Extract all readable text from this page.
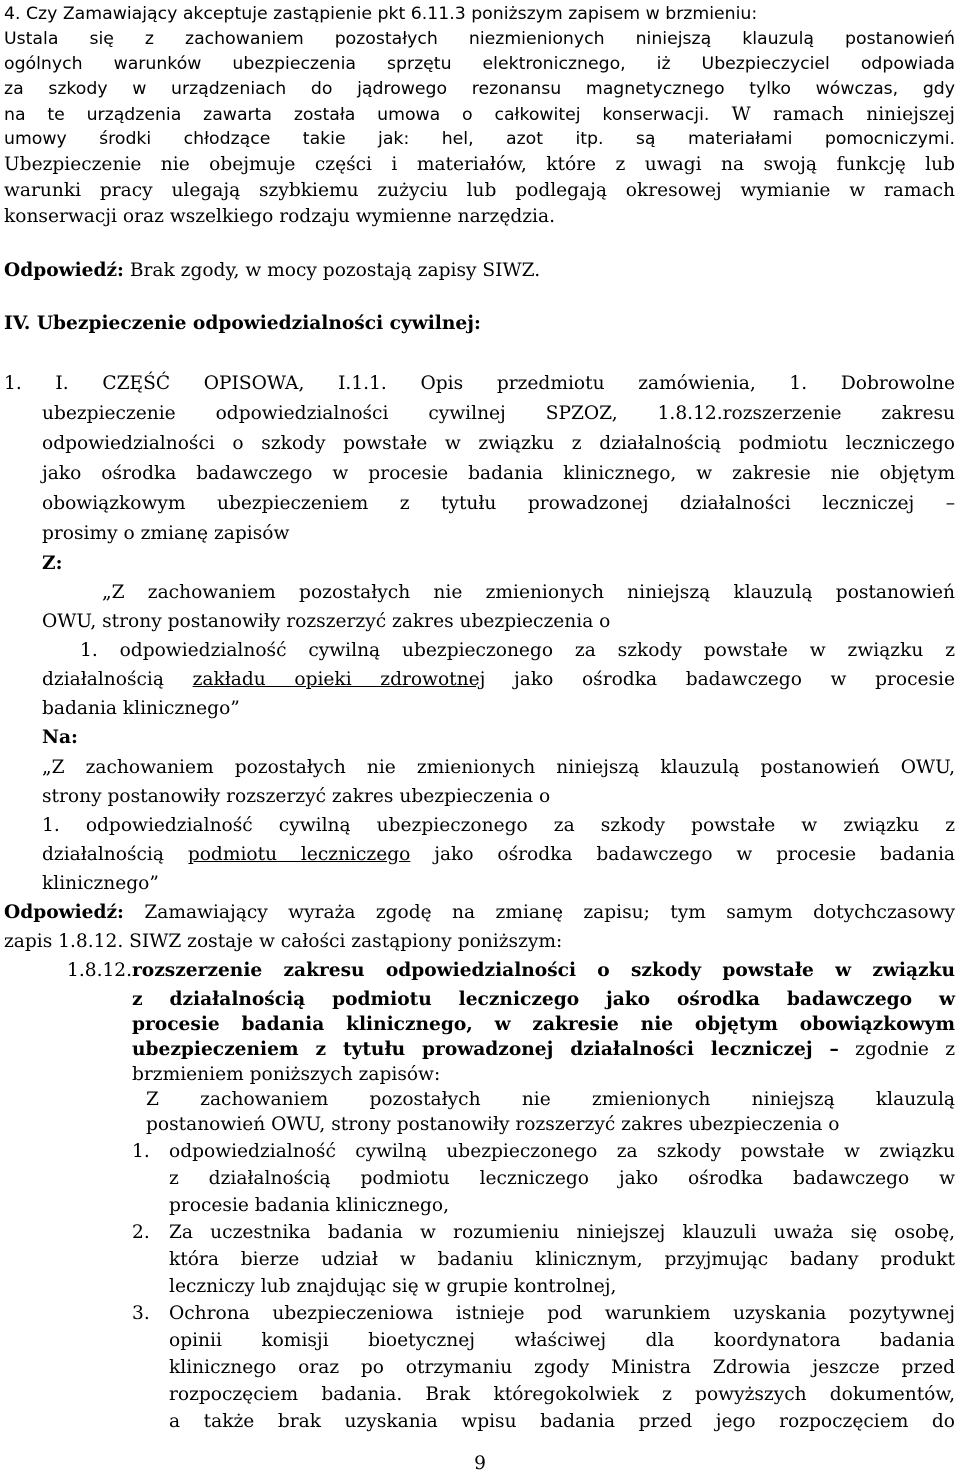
4. Czy Zamawiający akceptuje zastąpienie pkt 6.11.3 poniższym zapisem w brzmieniu:

Ustala się z zachowaniem pozostałych niezmienionych niniejszą klauzulą postanowień

ogólnych warunków ubezpieczenia sprzętu elektronicznego, iż Ubezpieczyciel odpowiada

za szkody w urządzeniach do jądrowego rezonansu magnetycznego tylko wówczas, gdy

na te urządzenia zawarta została umowa o całkowitej konserwacji. W ramach niniejszej

umowy środki chłodzące takie jak: hel, azot itp. są materiałami pomocniczymi.

Ubezpieczenie nie obejmuje części i materiałów, które z uwagi na swoją funkcję lub

warunki pracy ulegają szybkiemu zużyciu lub podlegają okresowej wymianie w ramach

konserwacji oraz wszelkiego rodzaju wymienne narzędzia.

Odpowiedź: Brak zgody, w mocy pozostają zapisy SIWZ.

IV. Ubezpieczenie odpowiedzialności cywilnej:

1. I. CZĘŚĆ OPISOWA, I.1.1. Opis przedmiotu zamówienia, 1. Dobrowolne

ubezpieczenie odpowiedzialności cywilnej SPZOZ, 1.8.12.rozszerzenie zakresu

odpowiedzialności o szkody powstałe w związku z działalnością podmiotu leczniczego

jako ośrodka badawczego w procesie badania klinicznego, w zakresie nie objętym

obowiązkowym ubezpieczeniem z tytułu prowadzonej działalności leczniczej –

prosimy o zmianę zapisów

Z:

„Z zachowaniem pozostałych nie zmienionych niniejszą klauzulą postanowień

OWU, strony postanowiły rozszerzyć zakres ubezpieczenia o

1. odpowiedzialność cywilną ubezpieczonego za szkody powstałe w związku z

działalnością zakładu opieki zdrowotnej jako ośrodka badawczego w procesie

badania klinicznego”

Na:

„Z zachowaniem pozostałych nie zmienionych niniejszą klauzulą postanowień OWU,

strony postanowiły rozszerzyć zakres ubezpieczenia o

1. odpowiedzialność cywilną ubezpieczonego za szkody powstałe w związku z

działalnością podmiotu leczniczego jako ośrodka badawczego w procesie badania

klinicznego”

Odpowiedź: Zamawiający wyraża zgodę na zmianę zapisu; tym samym dotychczasowy

zapis 1.8.12. SIWZ zostaje w całości zastąpiony poniższym:

1.8.12. rozszerzenie zakresu odpowiedzialności o szkody powstałe w związku

z działalnością podmiotu leczniczego jako ośrodka badawczego w

procesie badania klinicznego, w zakresie nie objętym obowiązkowym

ubezpieczeniem z tytułu prowadzonej działalności leczniczej – zgodnie z

brzmieniem poniższych zapisów:

Z zachowaniem pozostałych nie zmienionych niniejszą klauzulą

postanowień OWU, strony postanowiły rozszerzyć zakres ubezpieczenia o

1. odpowiedzialność cywilną ubezpieczonego za szkody powstałe w związku

z działalnością podmiotu leczniczego jako ośrodka badawczego w

procesie badania klinicznego,

2. Za uczestnika badania w rozumieniu niniejszej klauzuli uważa się osobę,

która bierze udział w badaniu klinicznym, przyjmując badany produkt

leczniczy lub znajdując się w grupie kontrolnej,

3. Ochrona ubezpieczeniowa istnieje pod warunkiem uzyskania pozytywnej

opinii komisji bioetycznej właściwej dla koordynatora badania

klinicznego oraz po otrzymaniu zgody Ministra Zdrowia jeszcze przed

rozpoczęciem badania. Brak któregokolwiek z powyższych dokumentów,

a także brak uzyskania wpisu badania przed jego rozpoczęciem do

9
